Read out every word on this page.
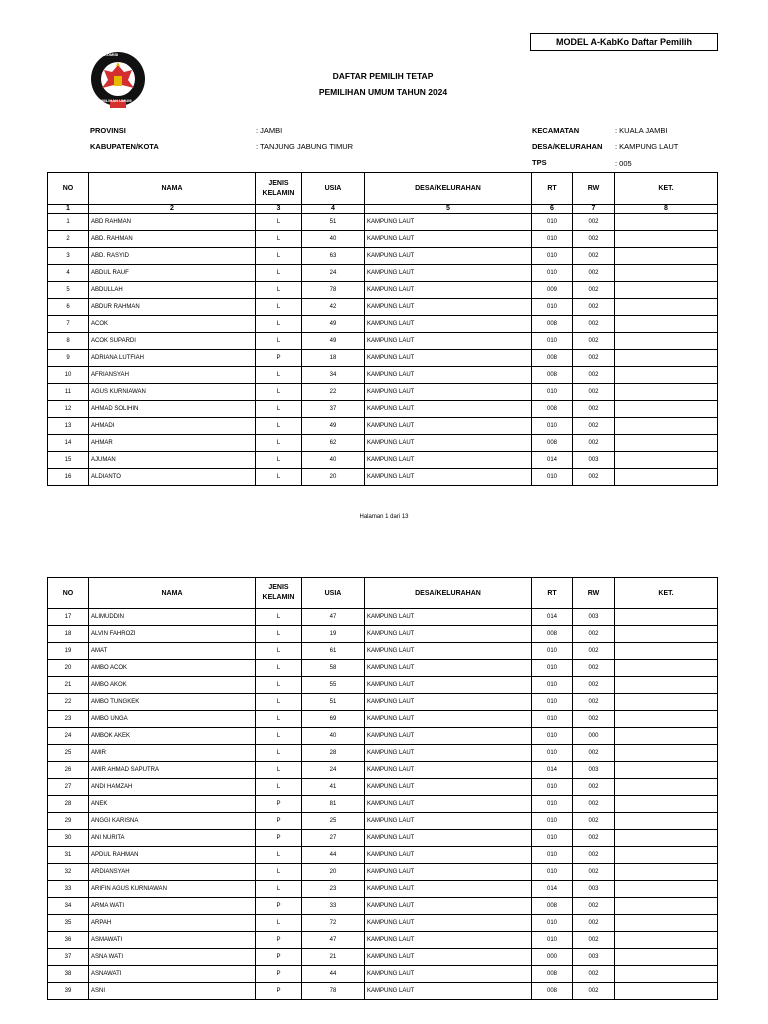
MODEL A-KabKo Daftar Pemilih
KOMISI
PEMILIHAN UMUM
DAFTAR PEMILIH TETAP
PEMILIHAN UMUM TAHUN 2024
PROVINSI	: JAMBI
KABUPATEN/KOTA	: TANJUNG JABUNG TIMUR
KECAMATAN	: KUALA JAMBI
DESA/KELURAHAN : KAMPUNG LAUT
TPS	: 005
NO	NAMA	JENIS KELAMIN	USIA	DESA/KELURAHAN	RT	RW	KET.
1	2	3	4	5	6	7	8
1	ABD RAHMAN	L	51	KAMPUNG LAUT	010	002	
2	ABD. RAHMAN	L	40	KAMPUNG LAUT	010	002	
3	ABD. RASYID	L	63	KAMPUNG LAUT	010	002	
4	ABDUL RAUF	L	24	KAMPUNG LAUT	010	002	
5	ABDULLAH	L	78	KAMPUNG LAUT	009	002	
6	ABDUR RAHMAN	L	42	KAMPUNG LAUT	010	002	
7	ACOK	L	49	KAMPUNG LAUT	008	002	
8	ACOK SUPARDI	L	49	KAMPUNG LAUT	010	002	
9	ADRIANA LUTFIAH	P	18	KAMPUNG LAUT	008	002	
10	AFRIANSYAH	L	34	KAMPUNG LAUT	008	002	
11	AGUS KURNIAWAN	L	22	KAMPUNG LAUT	010	002	
12	AHMAD SOLIHIN	L	37	KAMPUNG LAUT	008	002	
13	AHMADI	L	49	KAMPUNG LAUT	010	002	
14	AHMAR	L	62	KAMPUNG LAUT	008	002	
15	AJUMAN	L	40	KAMPUNG LAUT	014	003	
16	ALDIANTO	L	20	KAMPUNG LAUT	010	002	
Halaman 1 dari 13
NO	NAMA	JENIS KELAMIN	USIA	DESA/KELURAHAN	RT	RW	KET.
17	ALIMUDDIN	L	47	KAMPUNG LAUT	014	003	
18	ALVIN FAHROZI	L	19	KAMPUNG LAUT	008	002	
19	AMAT	L	61	KAMPUNG LAUT	010	002	
20	AMBO ACOK	L	58	KAMPUNG LAUT	010	002	
21	AMBO AKOK	L	55	KAMPUNG LAUT	010	002	
22	AMBO TUNGKEK	L	51	KAMPUNG LAUT	010	002	
23	AMBO UNGA	L	69	KAMPUNG LAUT	010	002	
24	AMBOK AKEK	L	40	KAMPUNG LAUT	010	000	
25	AMIR	L	28	KAMPUNG LAUT	010	002	
26	AMIR AHMAD SAPUTRA	L	24	KAMPUNG LAUT	014	003	
27	ANDI HAMZAH	L	41	KAMPUNG LAUT	010	002	
28	ANEK	P	81	KAMPUNG LAUT	010	002	
29	ANGGI KARISNA	P	25	KAMPUNG LAUT	010	002	
30	ANI NURITA	P	27	KAMPUNG LAUT	010	002	
31	APDUL RAHMAN	L	44	KAMPUNG LAUT	010	002	
32	ARDIANSYAH	L	20	KAMPUNG LAUT	010	002	
33	ARIFIN AGUS KURNIAWAN	L	23	KAMPUNG LAUT	014	003	
34	ARMA WATI	P	33	KAMPUNG LAUT	008	002	
35	ARPAH	L	72	KAMPUNG LAUT	010	002	
36	ASMAWATI	P	47	KAMPUNG LAUT	010	002	
37	ASNA WATI	P	21	KAMPUNG LAUT	000	003	
38	ASNAWATI	P	44	KAMPUNG LAUT	008	002	
39	ASNI	P	78	KAMPUNG LAUT	008	002	
